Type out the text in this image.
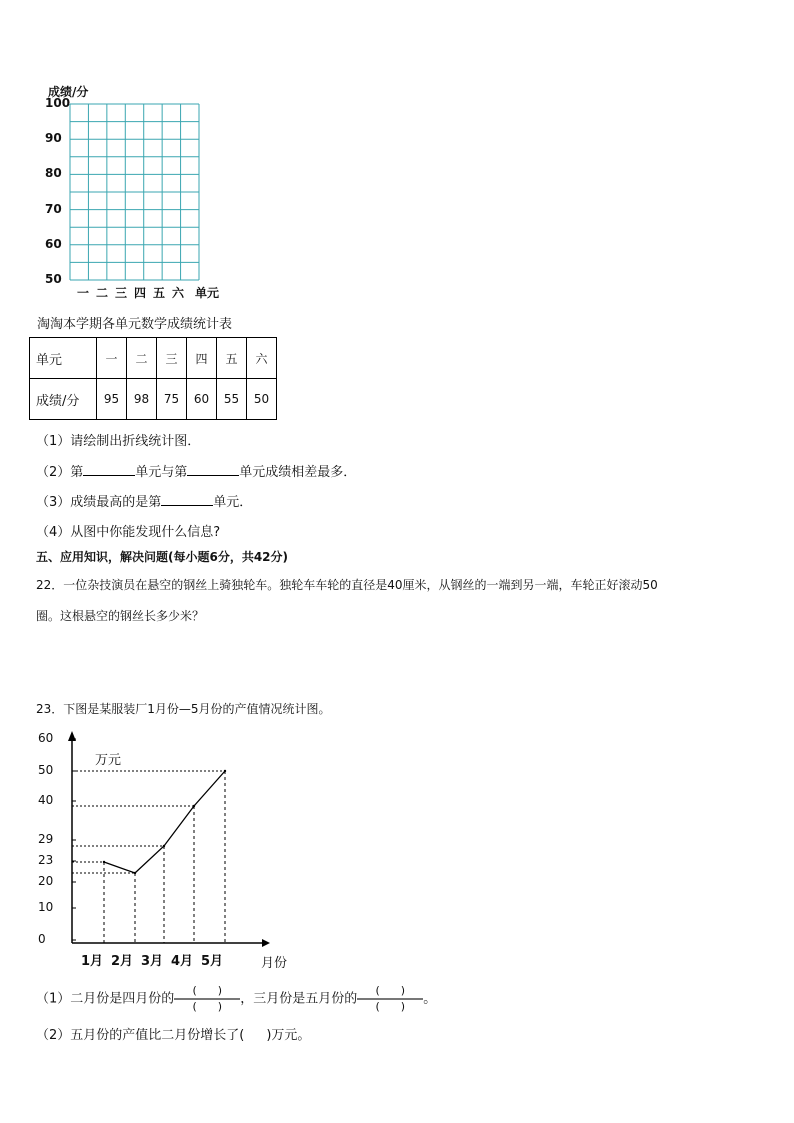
成绩/分
100
90
80
70
60
50
一 二 三 四 五 六 单元
淘淘本学期各单元数学成绩统计表
单元	一	二	三	四	五	六
成绩/分	95	98	75	60	55	50
（1）请绘制出折线统计图．
（2）第	单元与第	单元成绩相差最多．
（3）成绩最高的是第	单元．
（4）从图中你能发现什么信息?
五、应用知识，解决问题(每小题6分，共42分)
22．一位杂技演员在悬空的钢丝上骑独轮车。独轮车车轮的直径是40厘米，从钢丝的一端到另一端，车轮正好滚动50
圈。这根悬空的钢丝长多少米？
23．下图是某服装厂1月份—5月份的产值情况统计图。
万元
月份
60
50
40
29
23
20
10
0
1月 2月 3月 4月 5月
（1）二月份是四月份的( )
( ) ，三月份是五月份的( )
( ) 。
（2）五月份的产值比二月份增长了( )万元。
